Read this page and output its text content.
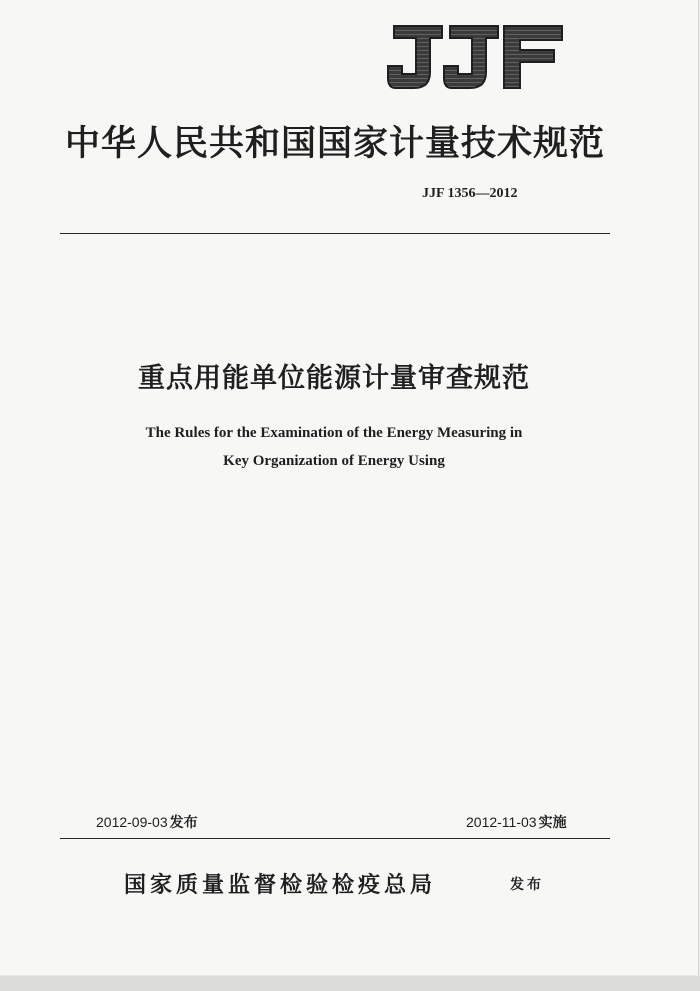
中华人民共和国国家计量技术规范
JJF 1356—2012
重点用能单位能源计量审查规范
The Rules for the Examination of the Energy Measuring in
Key Organization of Energy Using
2012-09-03 发布	2012-11-03 实施
国家质量监督检验检疫总局	发布
